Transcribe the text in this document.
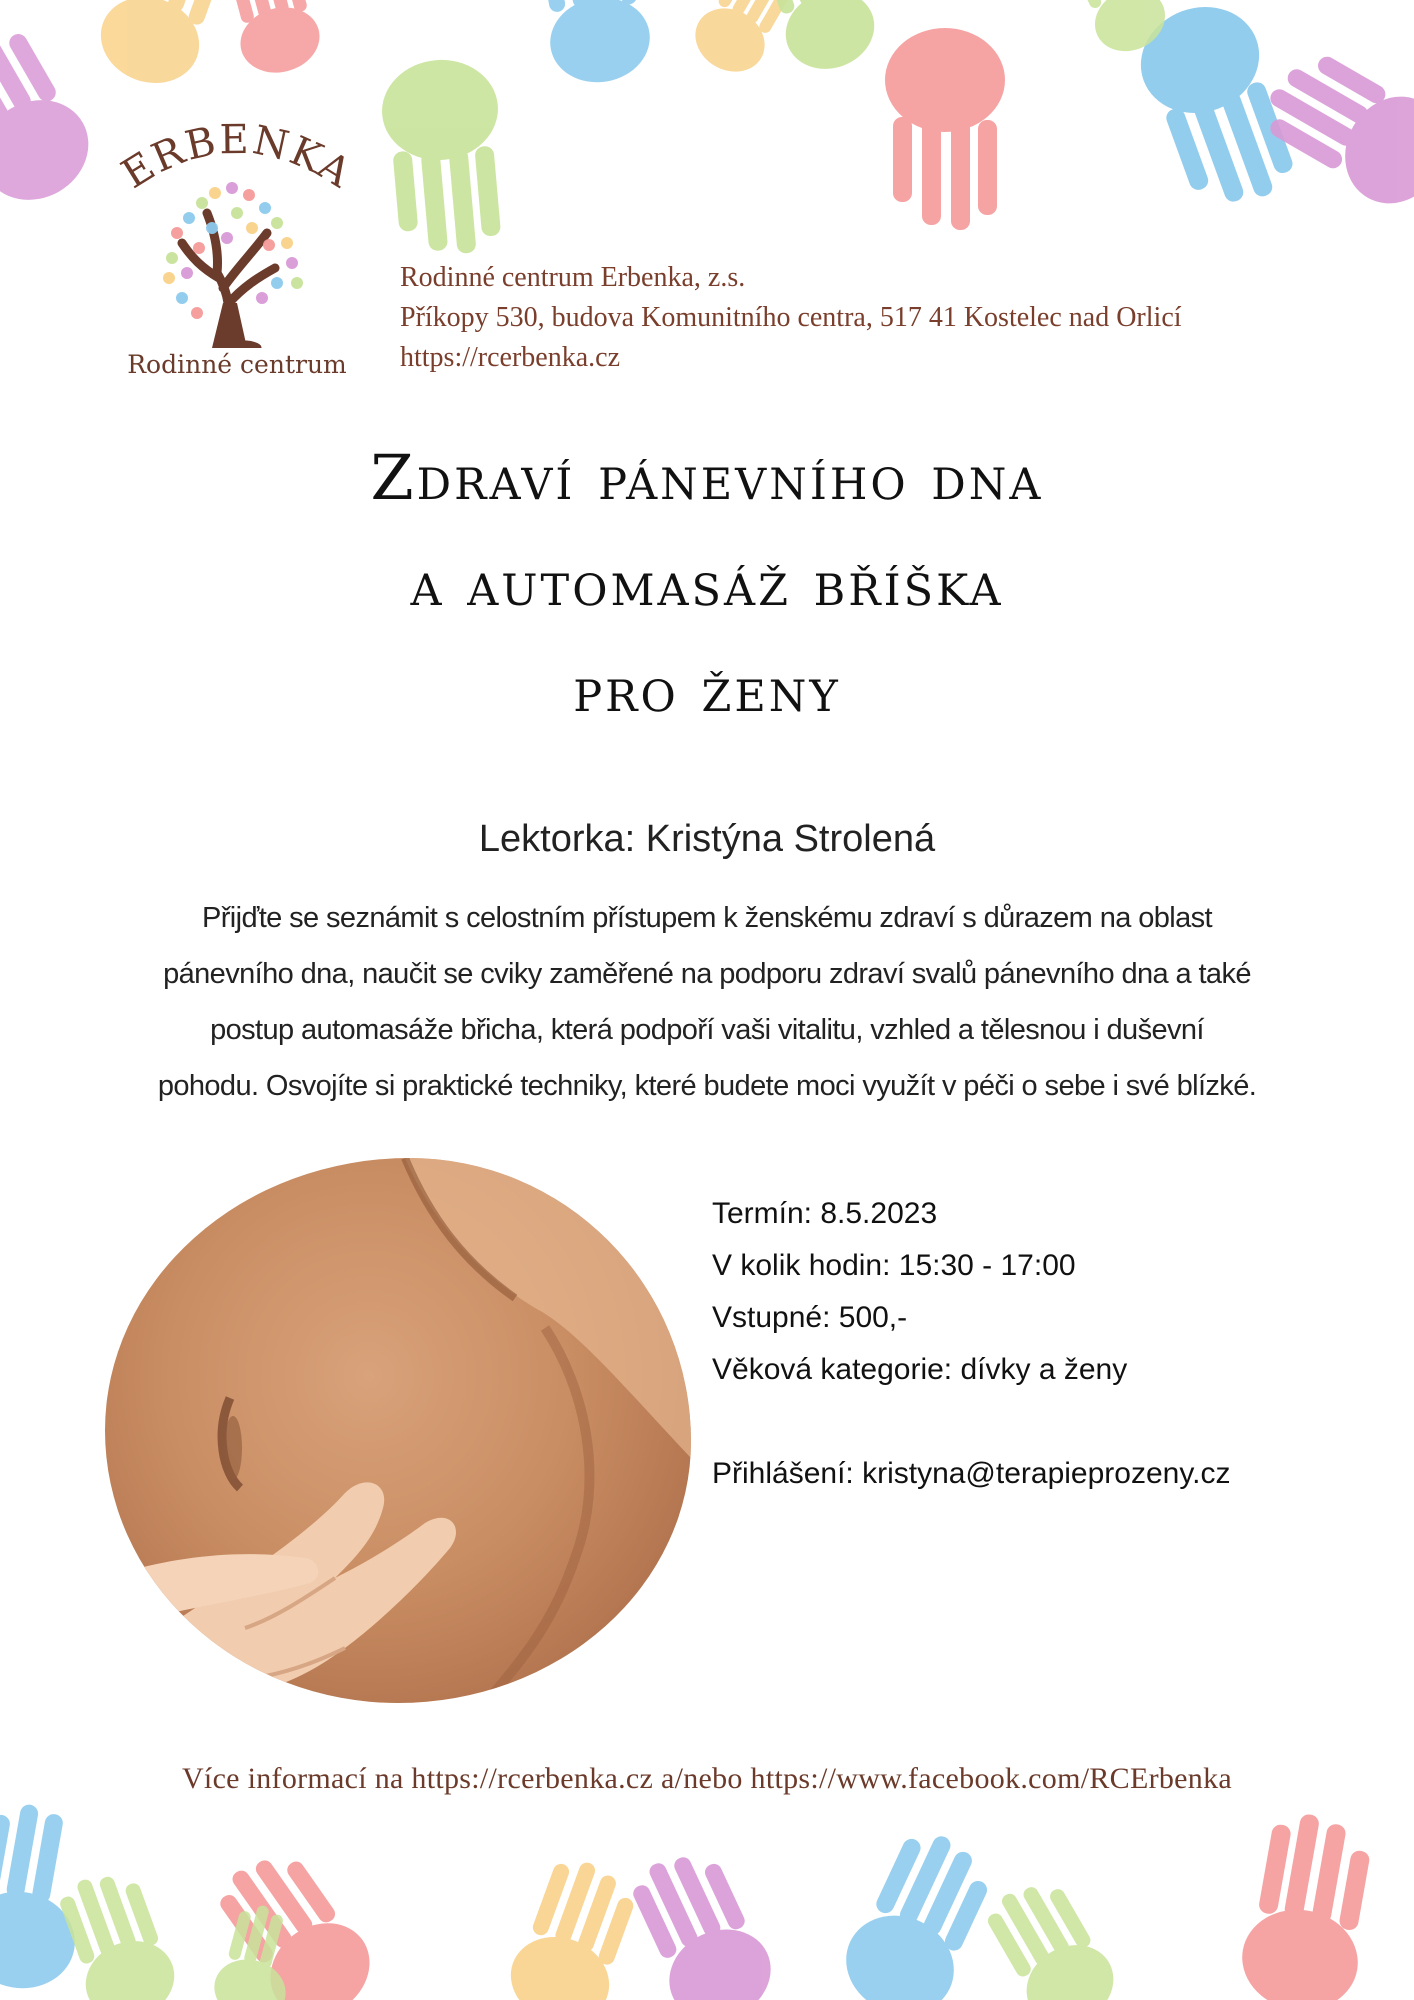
ERBENKA
Rodinné centrum
Rodinné centrum Erbenka, z.s.
Příkopy 530, budova Komunitního centra, 517 41 Kostelec nad Orlicí
https://rcerbenka.cz
Zdraví pánevního dna
a automasáž bříška
pro ženy
Lektorka: Kristýna Strolená
Přijďte se seznámit s celostním přístupem k ženskému zdraví s důrazem na oblast
pánevního dna, naučit se cviky zaměřené na podporu zdraví svalů pánevního dna a také
postup automasáže břicha, která podpoří vaši vitalitu, vzhled a tělesnou i duševní
pohodu. Osvojíte si praktické techniky, které budete moci využít v péči o sebe i své blízké.
Termín: 8.5.2023
V kolik hodin: 15:30 - 17:00
Vstupné: 500,-
Věková kategorie: dívky a ženy
Přihlášení: kristyna@terapieprozeny.cz
Více informací na https://rcerbenka.cz a/nebo https://www.facebook.com/RCErbenka
